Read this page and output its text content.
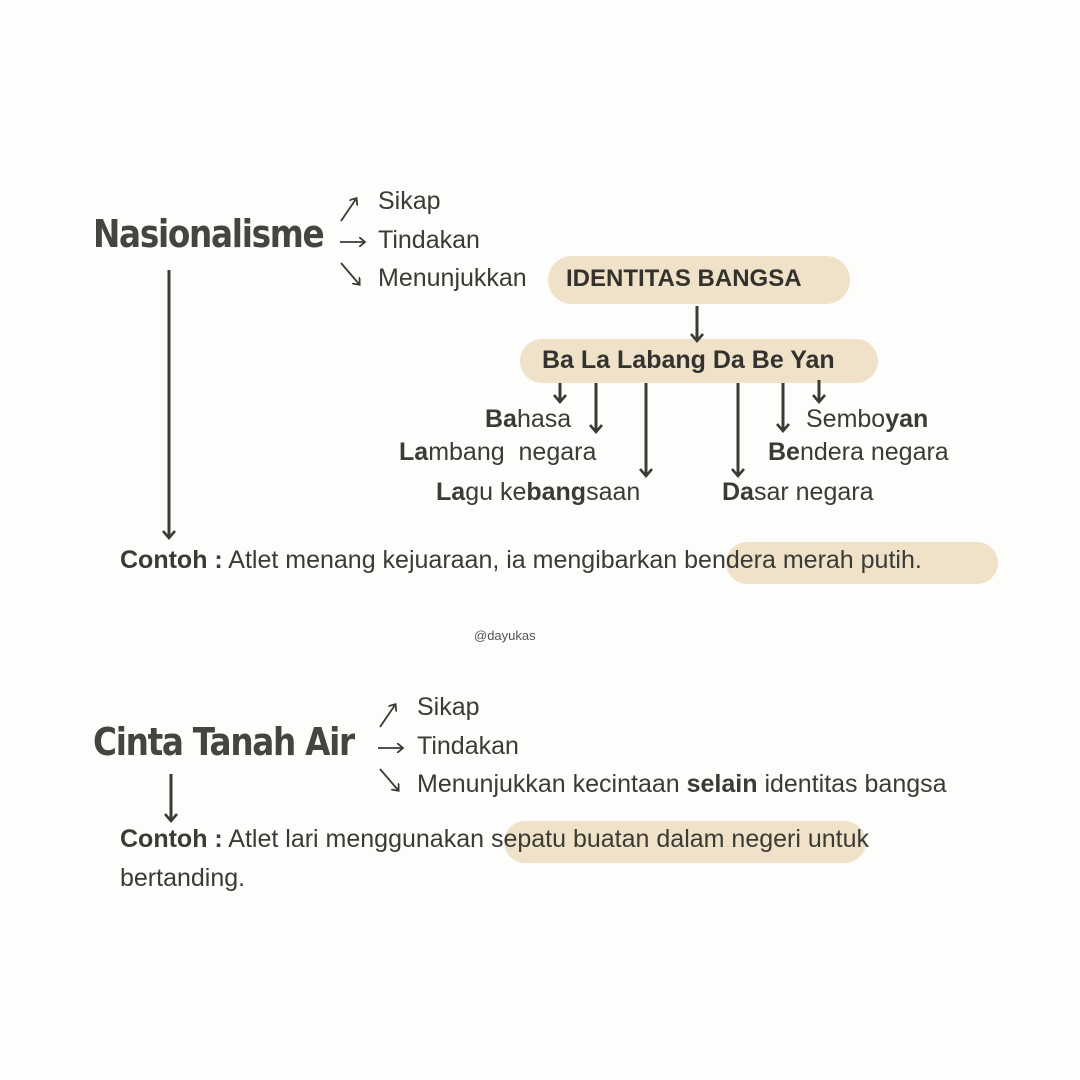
Nasionalisme
Sikap
Tindakan
Menunjukkan IDENTITAS BANGSA
Ba La Labang Da Be Yan
Bahasa
Lambang  negara
Lagu kebangsaan	Dasar negara
Semboyan
Bendera negara
Contoh : Atlet menang kejuaraan, ia mengibarkan bendera merah putih.
@dayukas
Cinta Tanah Air
Sikap
Tindakan
Menunjukkan kecintaan selain identitas bangsa
Contoh : Atlet lari menggunakan sepatu buatan dalam negeri untuk
bertanding.
